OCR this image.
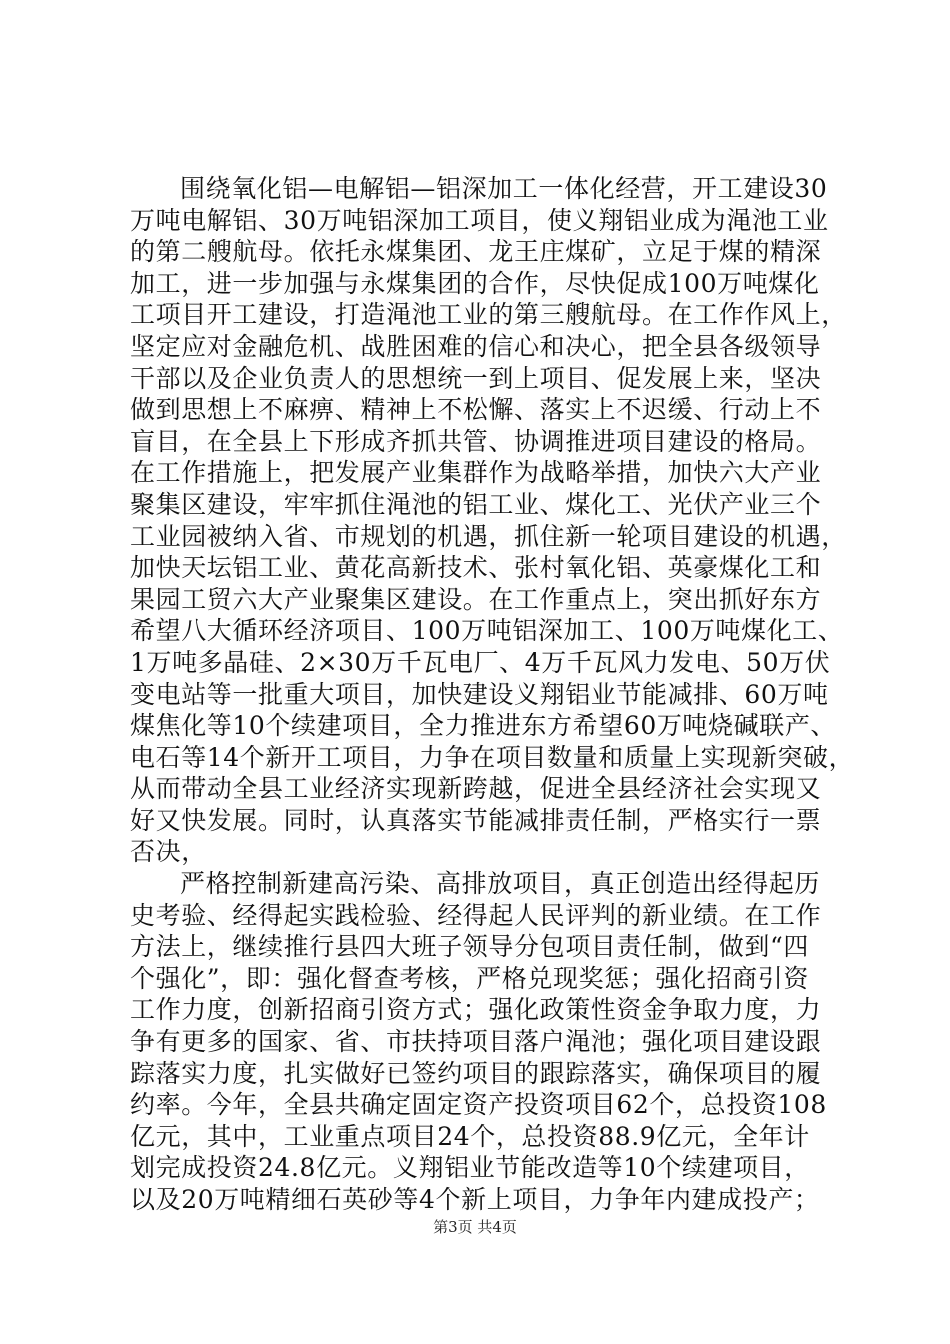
围绕氧化铝—电解铝—铝深加工一体化经营，开工建设30
万吨电解铝、30万吨铝深加工项目，使义翔铝业成为渑池工业
的第二艘航母。依托永煤集团、龙王庄煤矿，立足于煤的精深
加工，进一步加强与永煤集团的合作，尽快促成100万吨煤化
工项目开工建设，打造渑池工业的第三艘航母。在工作作风上，
坚定应对金融危机、战胜困难的信心和决心，把全县各级领导
干部以及企业负责人的思想统一到上项目、促发展上来，坚决
做到思想上不麻痹、精神上不松懈、落实上不迟缓、行动上不
盲目，在全县上下形成齐抓共管、协调推进项目建设的格局。
在工作措施上，把发展产业集群作为战略举措，加快六大产业
聚集区建设，牢牢抓住渑池的铝工业、煤化工、光伏产业三个
工业园被纳入省、市规划的机遇，抓住新一轮项目建设的机遇，
加快天坛铝工业、黄花高新技术、张村氧化铝、英豪煤化工和
果园工贸六大产业聚集区建设。在工作重点上，突出抓好东方
希望八大循环经济项目、100万吨铝深加工、100万吨煤化工、
1万吨多晶硅、2×30万千瓦电厂、4万千瓦风力发电、50万伏
变电站等一批重大项目，加快建设义翔铝业节能减排、60万吨
煤焦化等10个续建项目，全力推进东方希望60万吨烧碱联产、
电石等14个新开工项目，力争在项目数量和质量上实现新突破，
从而带动全县工业经济实现新跨越，促进全县经济社会实现又
好又快发展。同时，认真落实节能减排责任制，严格实行一票
否决，
严格控制新建高污染、高排放项目，真正创造出经得起历
史考验、经得起实践检验、经得起人民评判的新业绩。在工作
方法上，继续推行县四大班子领导分包项目责任制，做到“四
个强化”，即：强化督查考核，严格兑现奖惩；强化招商引资
工作力度，创新招商引资方式；强化政策性资金争取力度，力
争有更多的国家、省、市扶持项目落户渑池；强化项目建设跟
踪落实力度，扎实做好已签约项目的跟踪落实，确保项目的履
约率。今年，全县共确定固定资产投资项目62个，总投资108
亿元，其中，工业重点项目24个，总投资88.9亿元，全年计
划完成投资24.8亿元。义翔铝业节能改造等10个续建项目，
以及20万吨精细石英砂等4个新上项目，力争年内建成投产；
第3页 共4页
